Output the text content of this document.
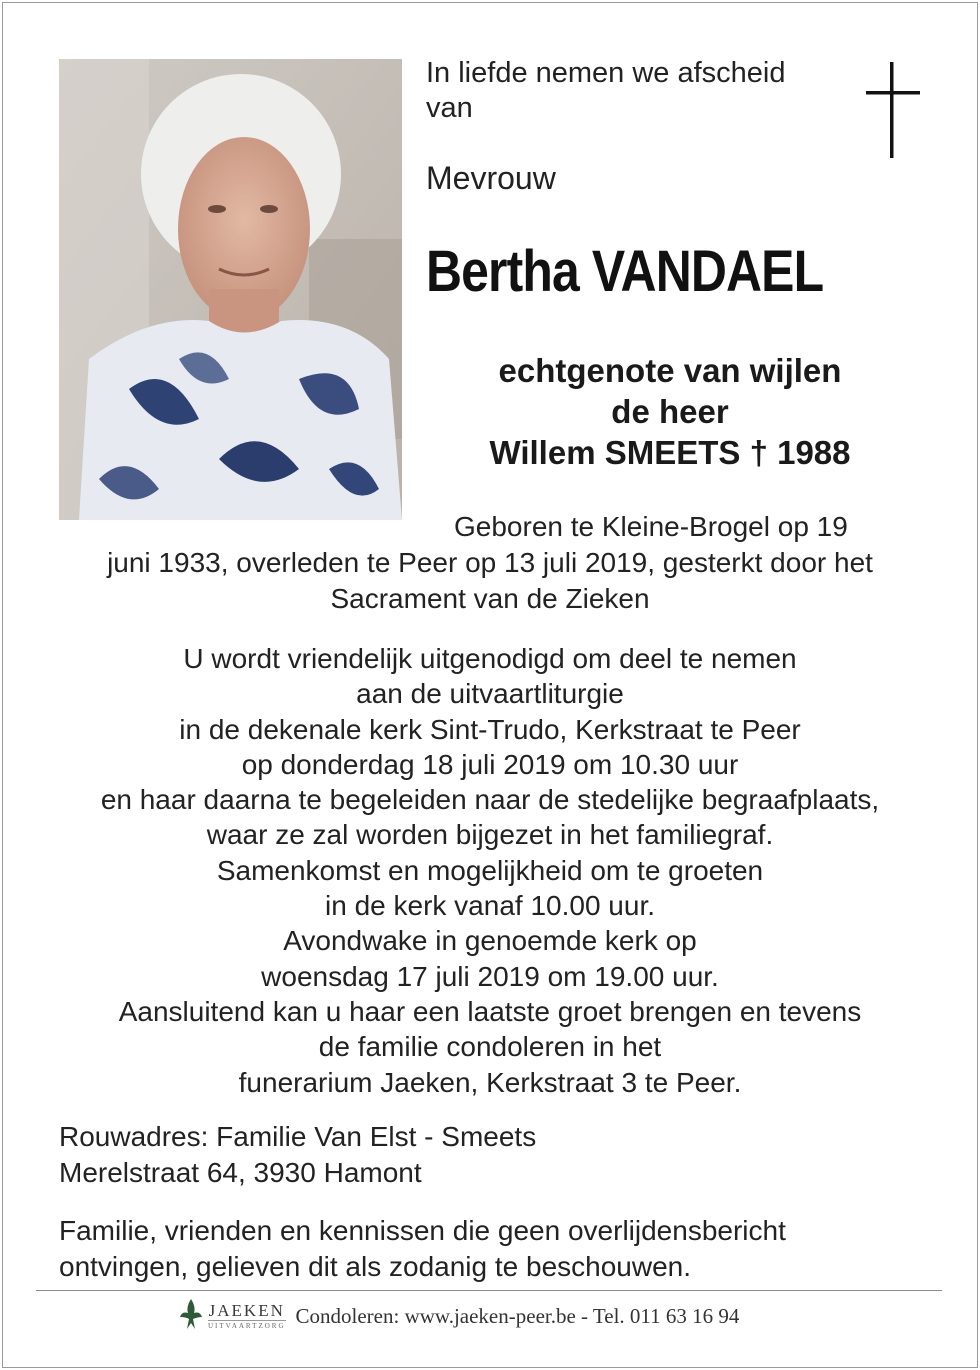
In liefde nemen we afscheid
van
Mevrouw
Bertha VANDAEL
echtgenote van wijlen
de heer
Willem SMEETS † 1988
Geboren te Kleine-Brogel op 19
juni 1933, overleden te Peer op 13 juli 2019, gesterkt door het
Sacrament van de Zieken
U wordt vriendelijk uitgenodigd om deel te nemen
aan de uitvaartliturgie
in de dekenale kerk Sint-Trudo, Kerkstraat te Peer
op donderdag 18 juli 2019 om 10.30 uur
en haar daarna te begeleiden naar de stedelijke begraafplaats,
waar ze zal worden bijgezet in het familiegraf.
Samenkomst en mogelijkheid om te groeten
in de kerk vanaf 10.00 uur.
Avondwake in genoemde kerk op
woensdag 17 juli 2019 om 19.00 uur.
Aansluitend kan u haar een laatste groet brengen en tevens
de familie condoleren in het
funerarium Jaeken, Kerkstraat 3 te Peer.
Rouwadres: Familie Van Elst - Smeets
Merelstraat 64, 3930 Hamont
Familie, vrienden en kennissen die geen overlijdensbericht
ontvingen, gelieven dit als zodanig te beschouwen.
JAEKEN
UITVAARTZORG Condoleren: www.jaeken-peer.be - Tel. 011 63 16 94
